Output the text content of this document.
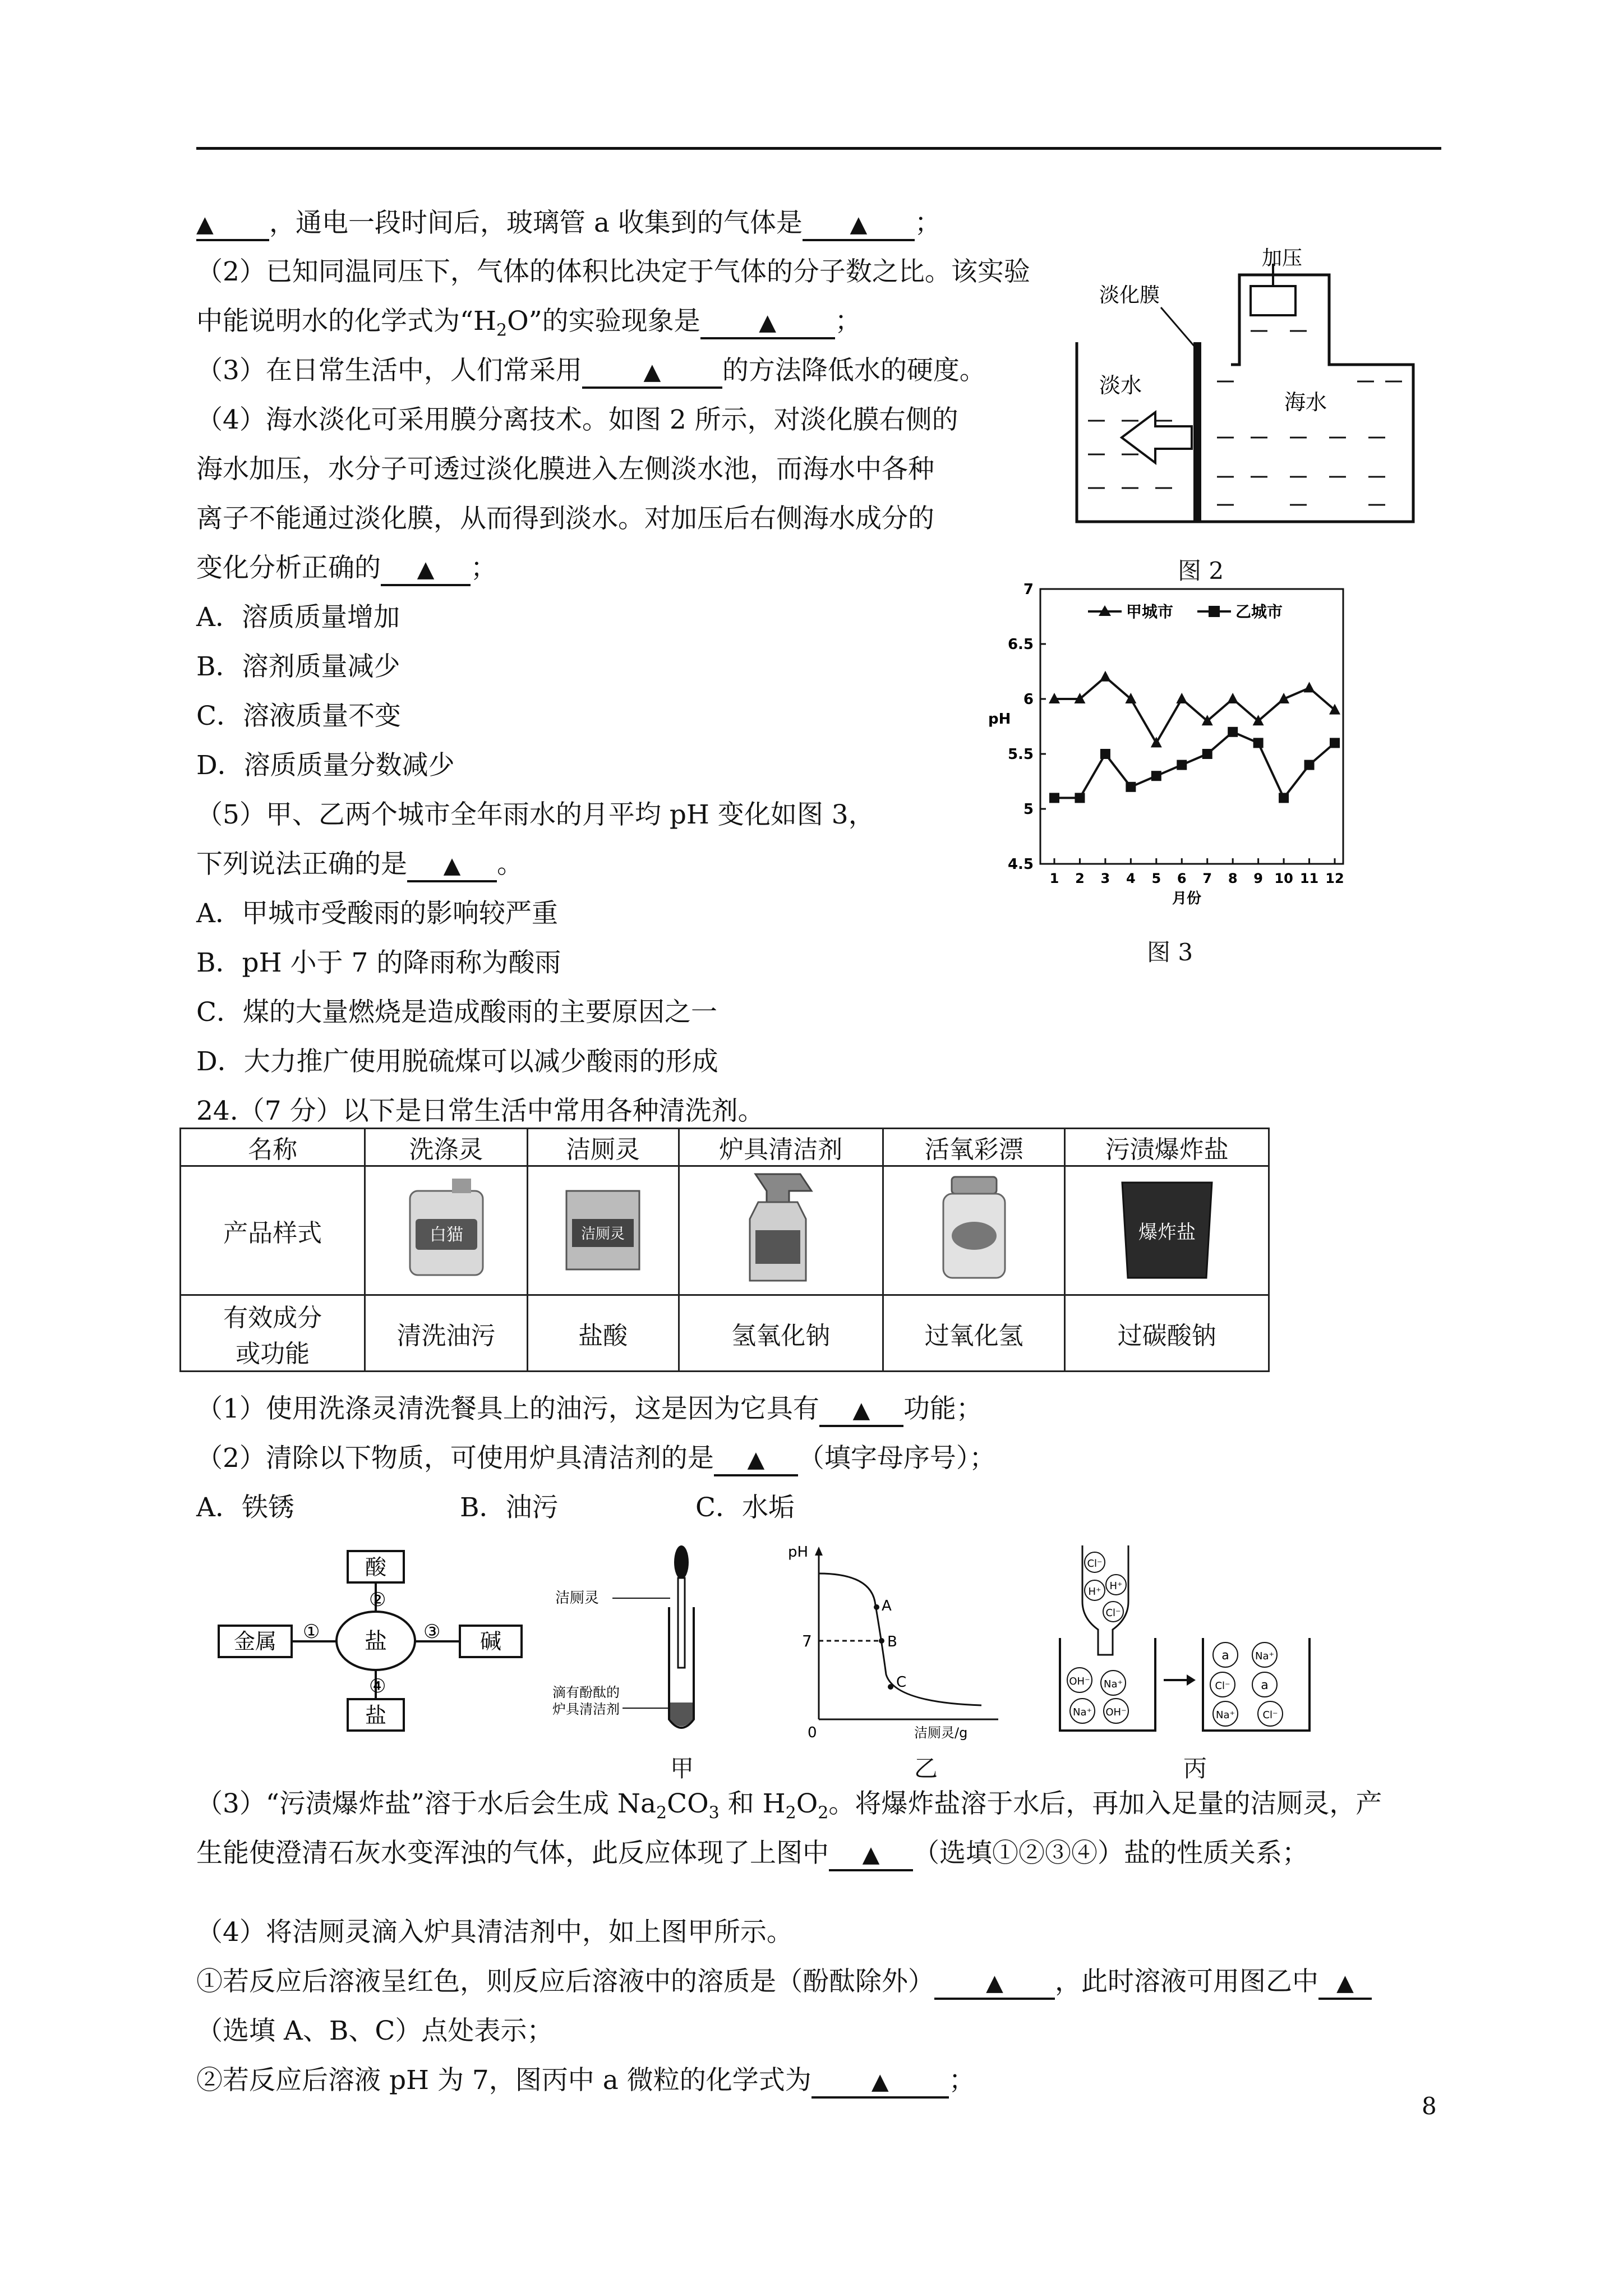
▲ ，通电一段时间后，玻璃管 a 收集到的气体是 ▲ ；
（2）已知同温同压下，气体的体积比决定于气体的分子数之比。该实验
中能说明水的化学式为“$H_2O$”的实验现象是	▲ ；
（3）在日常生活中，人们常采用	▲ 的方法降低水的硬度。
（4）海水淡化可采用膜分离技术。如图 2 所示，对淡化膜右侧的
海水加压，水分子可透过淡化膜进入左侧淡水池，而海水中各种
离子不能通过淡化膜，从而得到淡水。对加压后右侧海水成分的
变化分析正确的 ▲ ；
A．溶质质量增加
B．溶剂质量减少
C．溶液质量不变
D．溶质质量分数减少
（5）甲、乙两个城市全年雨水的月平均 pH 变化如图 3，
下列说法正确的是 ▲ 。
A．甲城市受酸雨的影响较严重
B．pH 小于 7 的降雨称为酸雨
C．煤的大量燃烧是造成酸雨的主要原因之一
D．大力推广使用脱硫煤可以减少酸雨的形成
加压
淡化膜
淡水
海水
图 2
4.5
5
5.5
6
6.5
7
1 2 3 4 5 6 7 8 9 10 11 12
pH
月份
甲城市	乙城市
图 3
24.（7 分）以下是日常生活中常用各种清洗剂。
名称	洗涤灵	洁厕灵	炉具清洁剂	活氧彩漂	污渍爆炸盐
产品样式	白猫	洁厕灵			爆炸盐

有效成分
或功能	清洗油污	盐酸	氢氧化钠	过氧化氢	过碳酸钠
（1）使用洗涤灵清洗餐具上的油污，这是因为它具有 ▲ 功能；
（2）清除以下物质，可使用炉具清洁剂的是 ▲ （填字母序号）；
A．铁锈	B．油污	C．水垢
盐
酸
金属	碱
盐
②
①	③
④
洁厕灵
滴有酚酞的
炉具清洁剂
甲
pH
0
7
A
B
C
洁厕灵/g
乙
Cl⁻
H⁺ H⁺
Cl⁻
OH⁻ Na⁺
Na⁺ OH⁻
a	Na⁺
Cl⁻ a
Na⁺	Cl⁻
丙
（3）“污渍爆炸盐”溶于水后会生成 $Na_2CO_3$ 和 $H_2O_2$。将爆炸盐溶于水后，再加入足量的洁厕灵，产
生能使澄清石灰水变浑浊的气体，此反应体现了上图中 ▲ （选填①②③④）盐的性质关系；
（4）将洁厕灵滴入炉具清洁剂中，如上图甲所示。
①若反应后溶液呈红色，则反应后溶液中的溶质是（酚酞除外） ▲ ，此时溶液可用图乙中 ▲
（选填 A、B、C）点处表示；
②若反应后溶液 pH 为 7，图丙中 a 微粒的化学式为	▲ ；
8
